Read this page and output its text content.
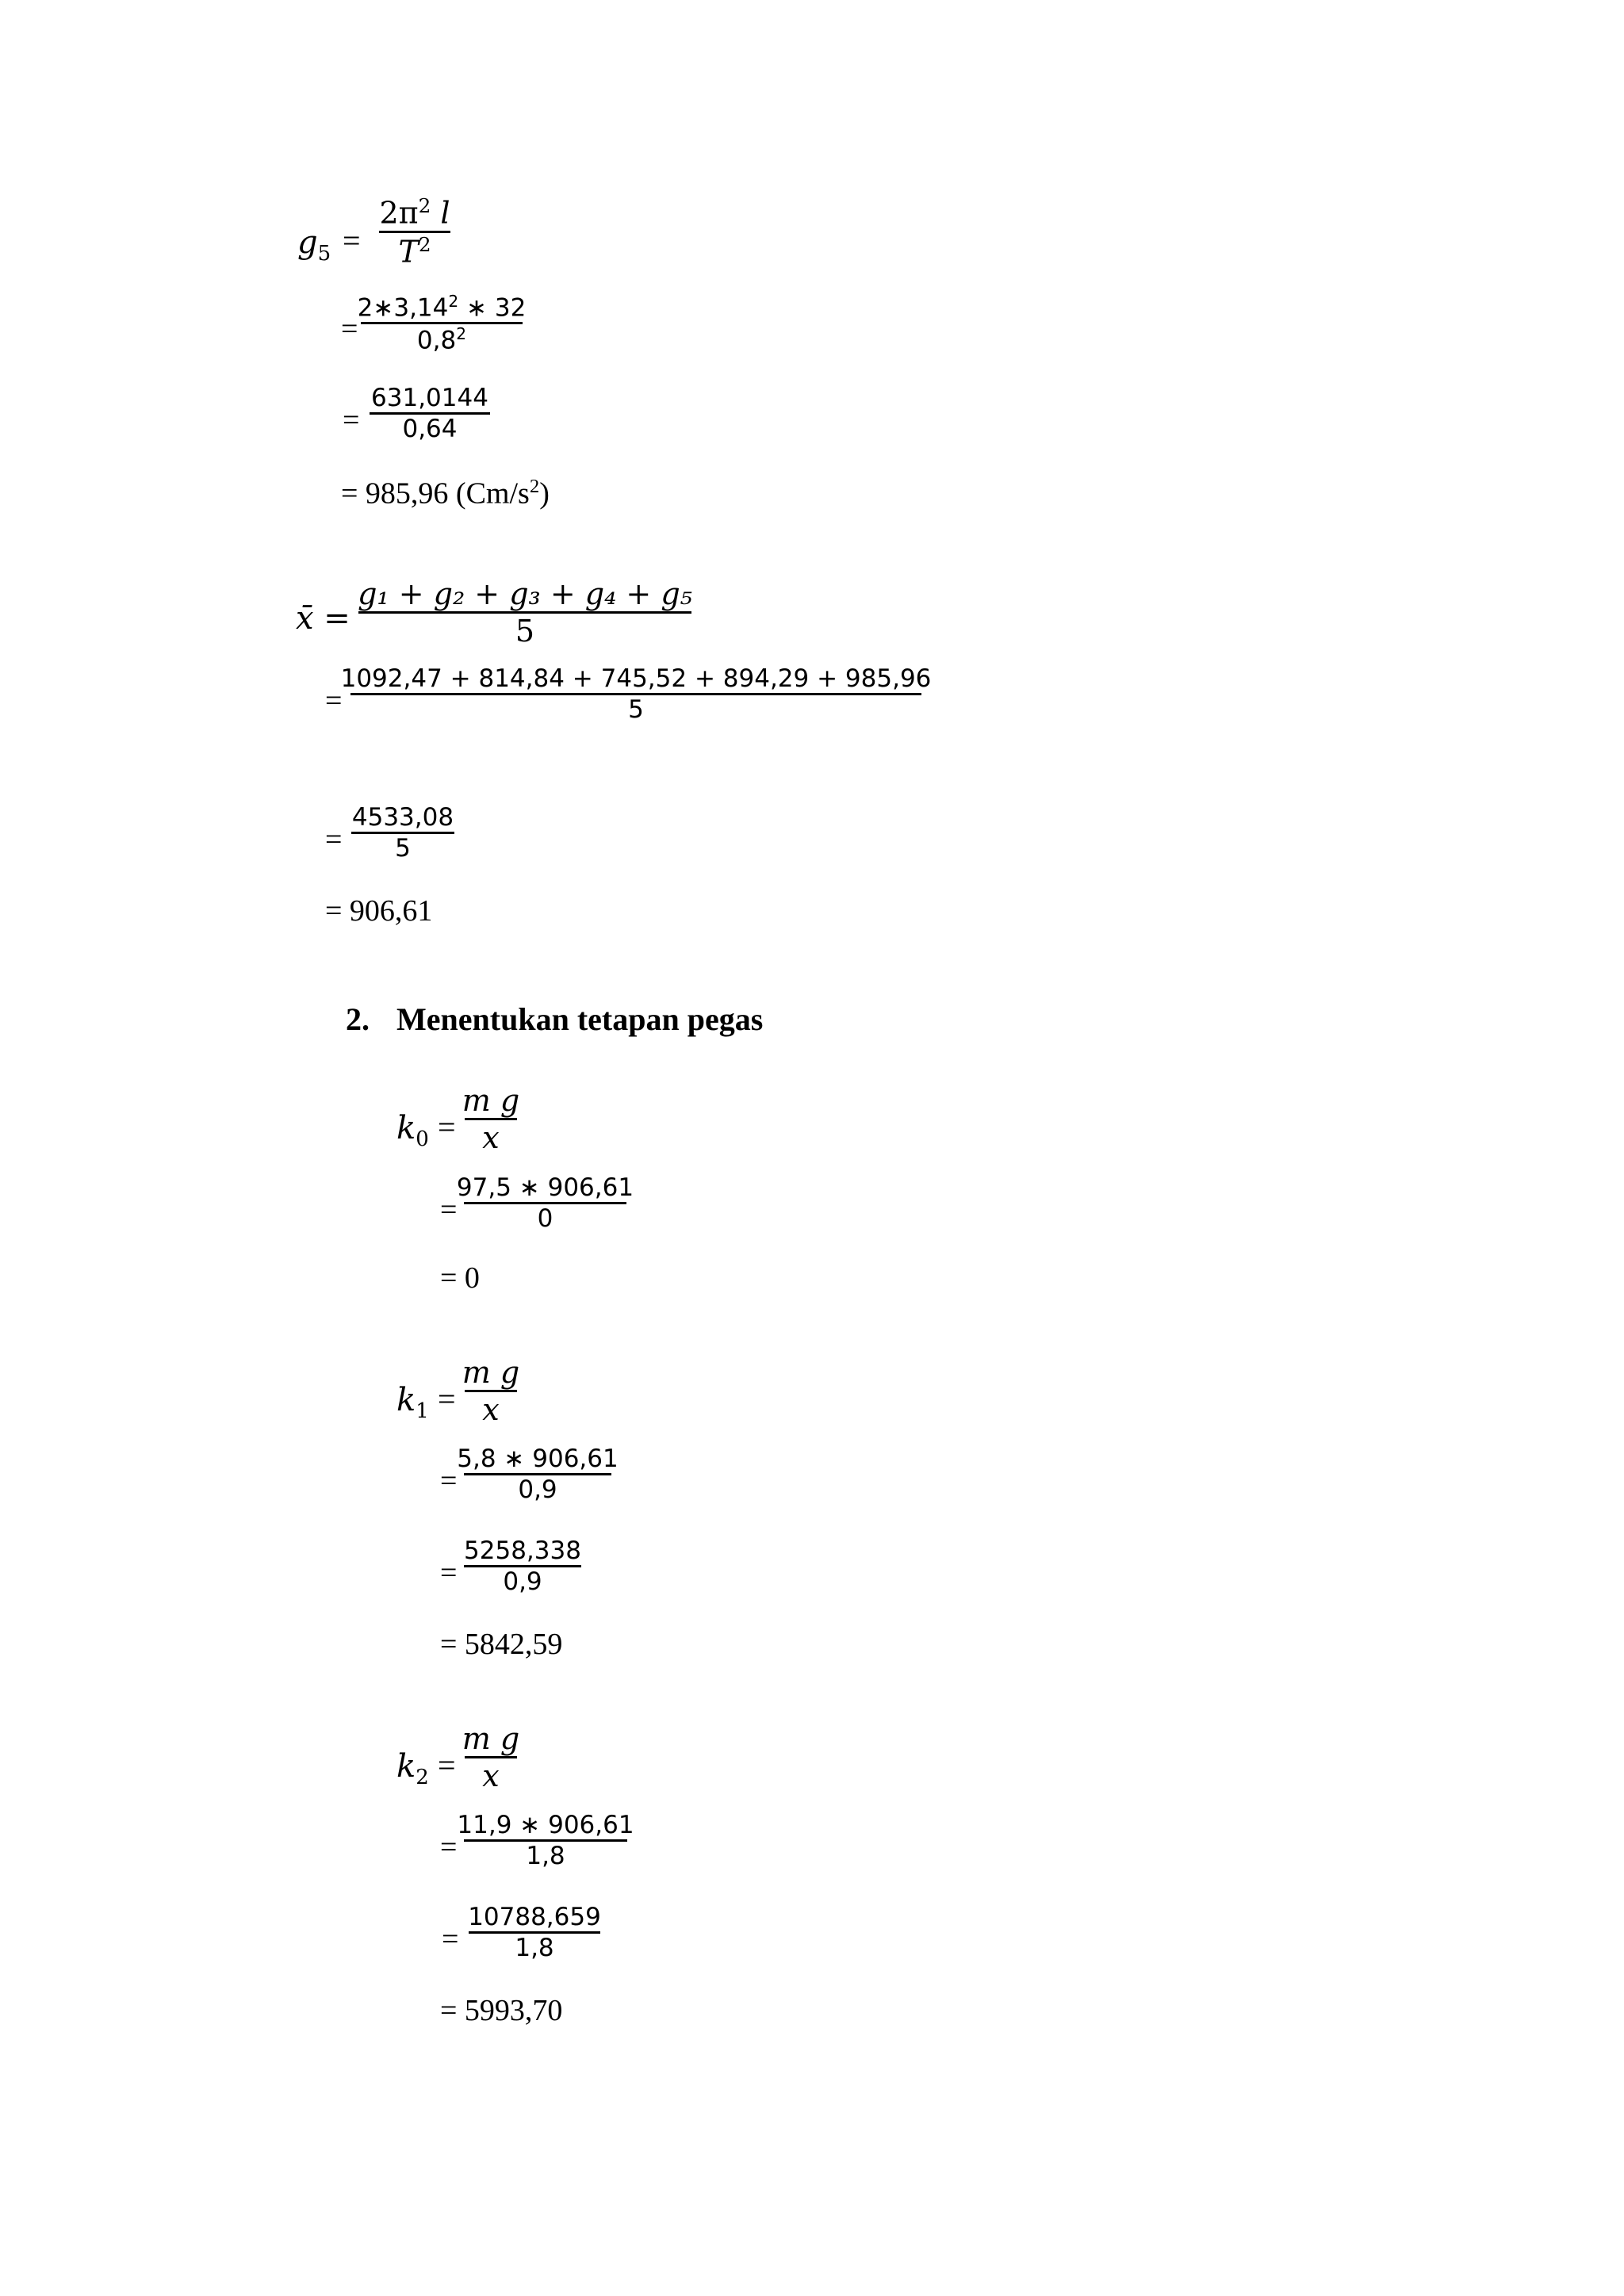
$g_5$ =
$2\pi^2$ l
$T^2$
=
$2∗3,14^2$ ∗ 32
$0,8^2$
=
631,0144
0,64
= 985,96 $(Cm/s^2)$
x̄ =
g₁ + g₂ + g₃ + g₄ + g₅
5
=
1092,47 + 814,84 + 745,52 + 894,29 + 985,96
5
=
4533,08
5
= 906,61
2. Menentukan tetapan pegas
$k_0$ =
m g
x
=
97,5 ∗ 906,61
0
= 0
$k_1$ =
m g
x
=
5,8 ∗ 906,61
0,9
=
5258,338
0,9
= 5842,59
$k_2$ =
m g
x
=
11,9 ∗ 906,61
1,8
=
10788,659
1,8
= 5993,70
